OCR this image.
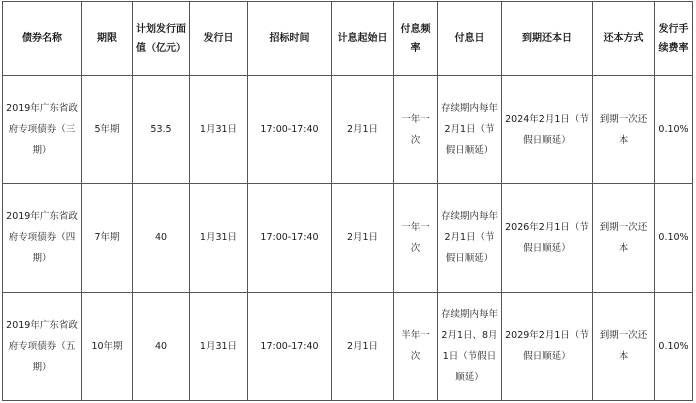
债券名称	期限	计划发行面值（亿元）	发行日	招标时间	计息起始日	付息频率	付息日	到期还本日	还本方式	发行手续费率
2019年广东省政府专项债券（三期）	5年期	53.5	1月31日	17:00-17:40	2月1日	一年一次	存续期内每年2月1日（节假日顺延）	2024年2月1日（节假日顺延）	到期一次还本	0.10%
2019年广东省政府专项债券（四期）	7年期	40	1月31日	17:00-17:40	2月1日	一年一次	存续期内每年2月1日（节假日顺延）	2026年2月1日（节假日顺延）	到期一次还本	0.10%
2019年广东省政府专项债券（五期）	10年期	40	1月31日	17:00-17:40	2月1日	半年一次	存续期内每年2月1日、8月1日（节假日顺延）	2029年2月1日（节假日顺延）	到期一次还本	0.10%
